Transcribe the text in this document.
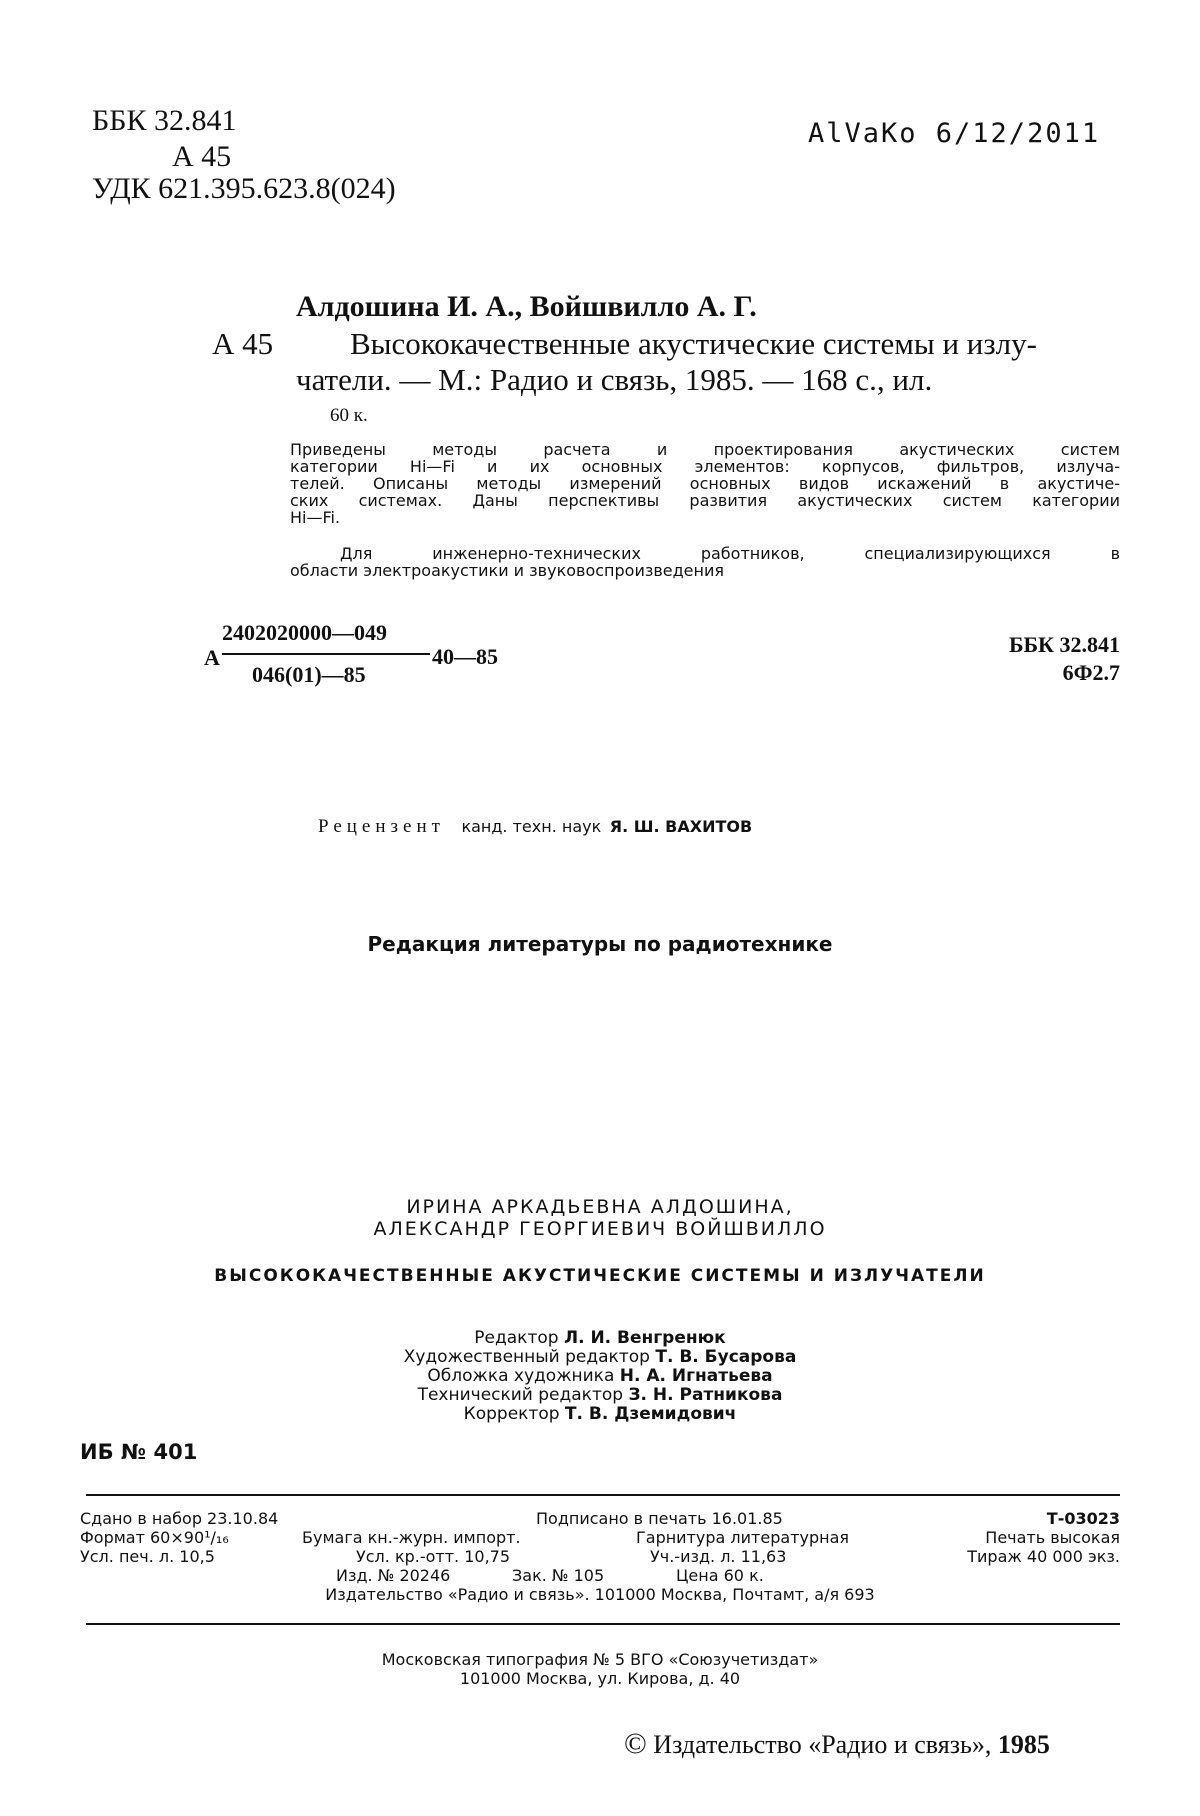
ББК 32.841
А 45
УДК 621.395.623.8(024)
AlVaKo 6/12/2011
Алдошина И. А., Войшвилло А. Г.
А 45 Высококачественные акустические системы и излу-
чатели. — М.: Радио и связь, 1985. — 168 с., ил.
60 к.
Приведены методы расчета и проектирования акустических систем
категории Hi—Fi и их основных элементов: корпусов, фильтров, излуча-
телей. Описаны методы измерений основных видов искажений в акустиче-
ских системах. Даны перспективы развития акустических систем категории
Hi—Fi.
Для инженерно-технических работников, специализирующихся в
области электроакустики и звуковоспроизведения
А
2402020000—049
046(01)—85
40—85	ББК 32.841
6Ф2.7
Рецензент канд. техн. наук Я. Ш. ВАХИТОВ
Редакция литературы по радиотехнике
ИРИНА АРКАДЬЕВНА АЛДОШИНА,
АЛЕКСАНДР ГЕОРГИЕВИЧ ВОЙШВИЛЛО
ВЫСОКОКАЧЕСТВЕННЫЕ АКУСТИЧЕСКИЕ СИСТЕМЫ И ИЗЛУЧАТЕЛИ
Редактор Л. И. Венгренюк
Художественный редактор Т. В. Бусарова
Обложка художника Н. А. Игнатьева
Технический редактор З. Н. Ратникова
Корректор Т. В. Дземидович
ИБ № 401
Сдано в набор 23.10.84	Подписано в печать 16.01.85	Т-03023
Формат 60×90¹/₁₆	Бумага кн.-журн. импорт.	Гарнитура литературная	Печать высокая
Усл. печ. л. 10,5	Усл. кр.-отт. 10,75	Уч.-изд. л. 11,63	Тираж 40 000 экз.
Изд. № 20246	Зак. № 105	Цена 60 к.
Издательство «Радио и связь». 101000 Москва, Почтамт, а/я 693
Московская типография № 5 ВГО «Союзучетиздат»
101000 Москва, ул. Кирова, д. 40
© Издательство «Радио и связь», 1985
